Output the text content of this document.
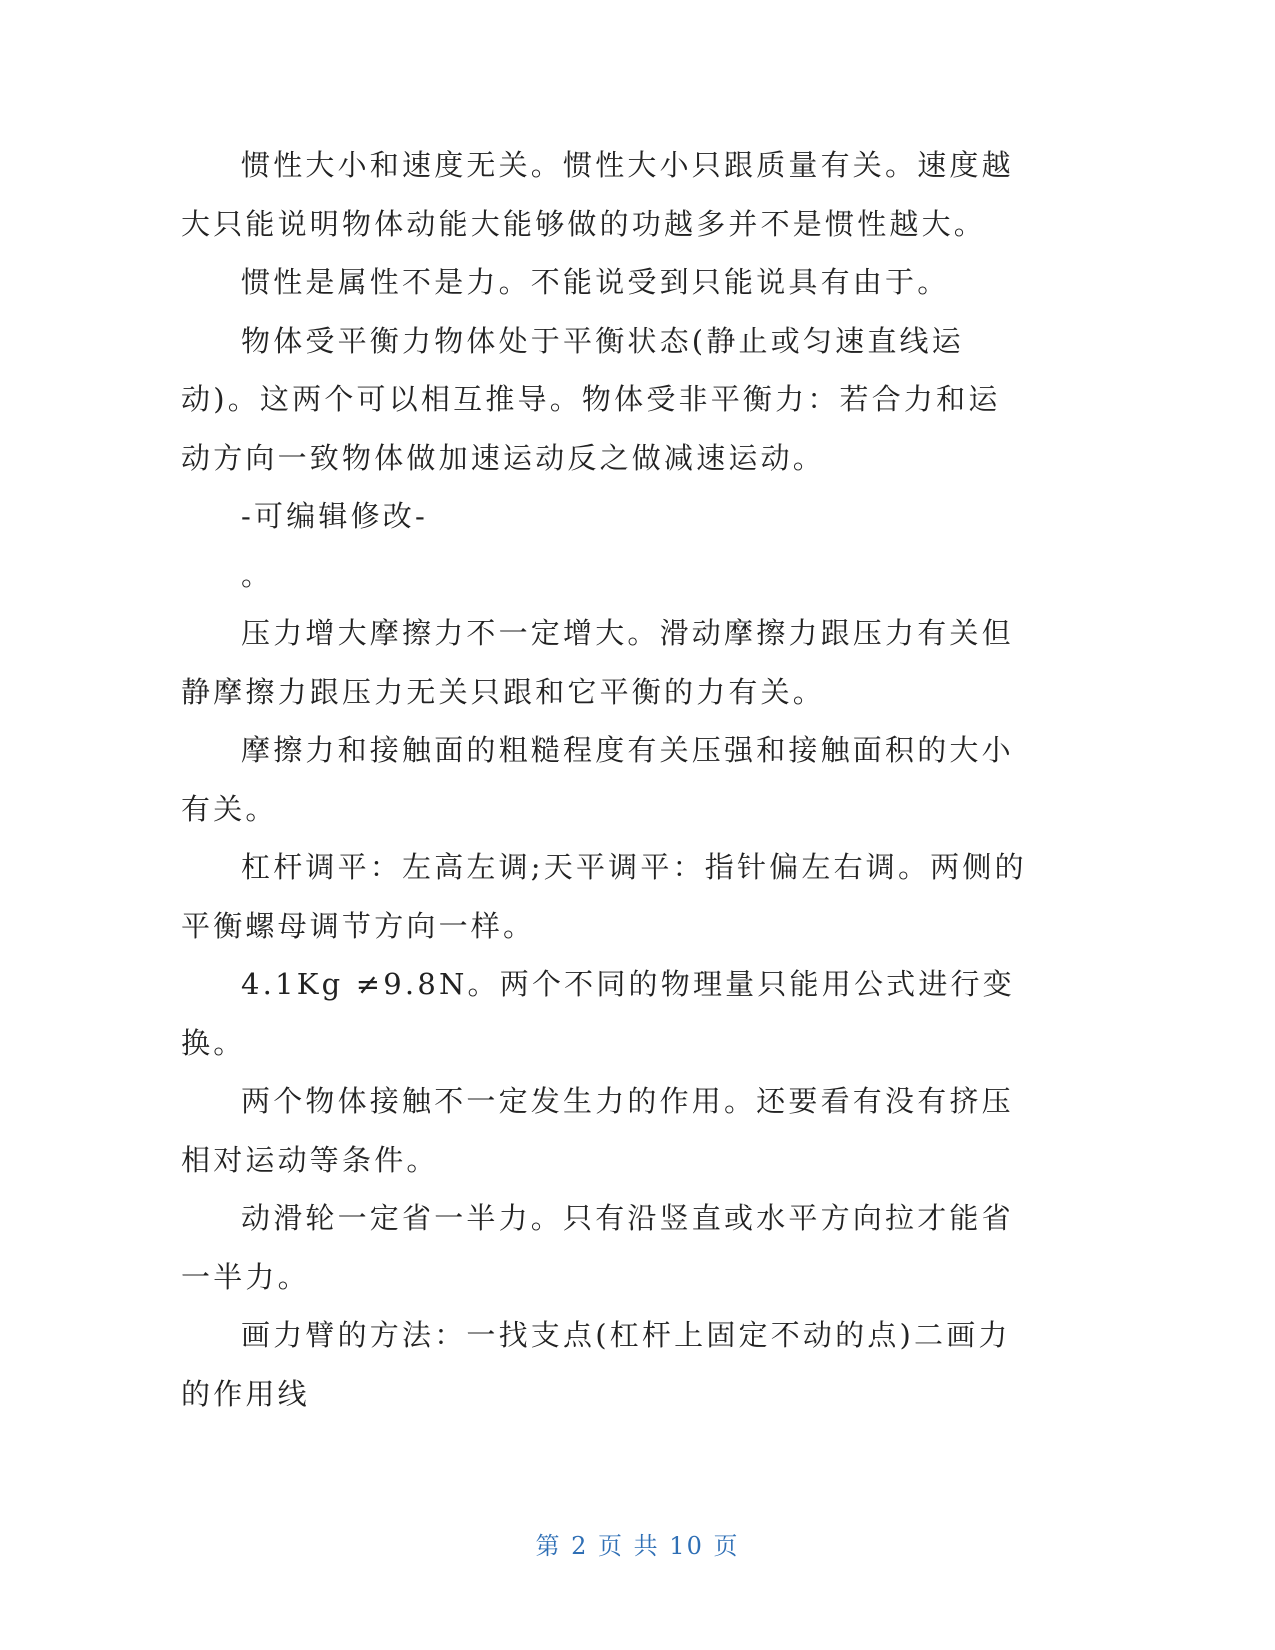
惯性大小和速度无关。惯性大小只跟质量有关。速度越大只能说明物体动能大能够做的功越多并不是惯性越大。

惯性是属性不是力。不能说受到只能说具有由于。

物体受平衡力物体处于平衡状态(静止或匀速直线运动)。这两个可以相互推导。物体受非平衡力：若合力和运动方向一致物体做加速运动反之做减速运动。

-可编辑修改-

。

压力增大摩擦力不一定增大。滑动摩擦力跟压力有关但静摩擦力跟压力无关只跟和它平衡的力有关。

摩擦力和接触面的粗糙程度有关压强和接触面积的大小有关。

杠杆调平：左高左调;天平调平：指针偏左右调。两侧的平衡螺母调节方向一样。

4.1Kg ≠9.8N。两个不同的物理量只能用公式进行变换。

两个物体接触不一定发生力的作用。还要看有没有挤压相对运动等条件。

动滑轮一定省一半力。只有沿竖直或水平方向拉才能省一半力。

画力臂的方法：一找支点(杠杆上固定不动的点)二画力的作用线

第 2 页 共 10 页
